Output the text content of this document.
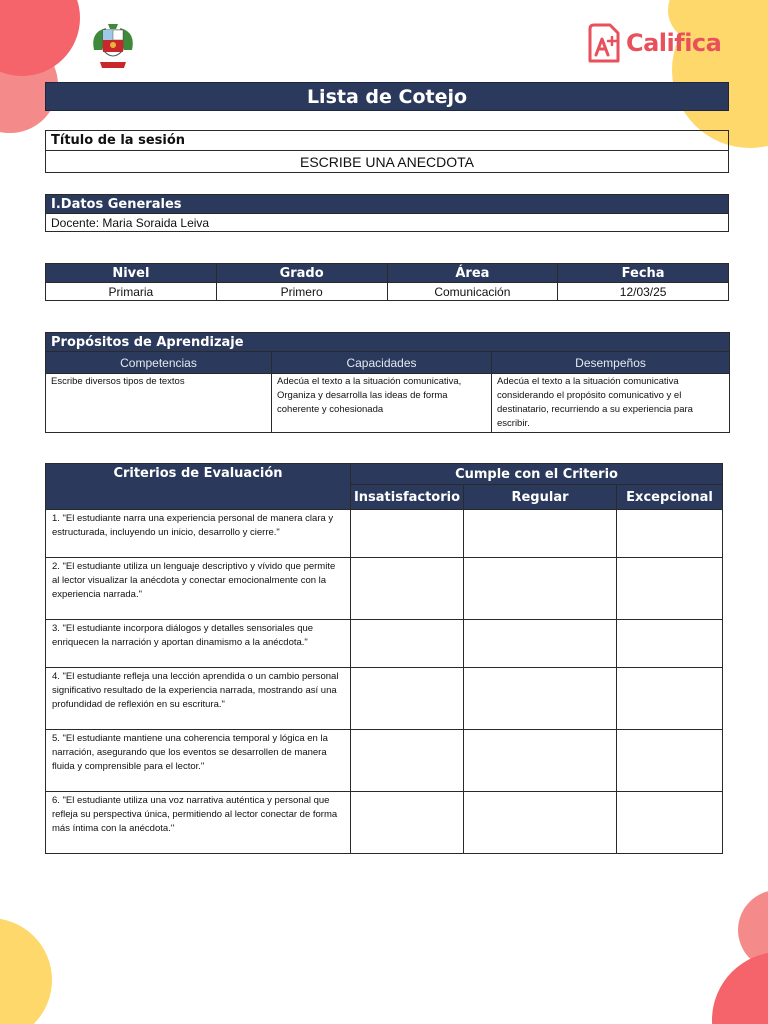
Califica
Lista de Cotejo
Título de la sesión
ESCRIBE UNA ANECDOTA
I.Datos Generales
Docente: Maria Soraida Leiva
Nivel	Grado	Área	Fecha
Primaria	Primero	Comunicación	12/03/25
Propósitos de Aprendizaje		
Competencias	Capacidades	Desempeños
Escribe diversos tipos de textos	Adecúa el texto a la situación comunicativa, Organiza y desarrolla las ideas de forma coherente y cohesionada	Adecúa el texto a la situación comunicativa considerando el propósito comunicativo y el destinatario, recurriendo a su experiencia para escribir.
Criterios de Evaluación	Cumple con el Criterio		
	Insatisfactorio	Regular	Excepcional
1. "El estudiante narra una experiencia personal de manera clara y estructurada, incluyendo un inicio, desarrollo y cierre."			
2. "El estudiante utiliza un lenguaje descriptivo y vívido que permite al lector visualizar la anécdota y conectar emocionalmente con la experiencia narrada."			
3. "El estudiante incorpora diálogos y detalles sensoriales que enriquecen la narración y aportan dinamismo a la anécdota."			
4. "El estudiante refleja una lección aprendida o un cambio personal significativo resultado de la experiencia narrada, mostrando así una profundidad de reflexión en su escritura."			
5. "El estudiante mantiene una coherencia temporal y lógica en la narración, asegurando que los eventos se desarrollen de manera fluida y comprensible para el lector."			
6. "El estudiante utiliza una voz narrativa auténtica y personal que refleja su perspectiva única, permitiendo al lector conectar de forma más íntima con la anécdota."			
